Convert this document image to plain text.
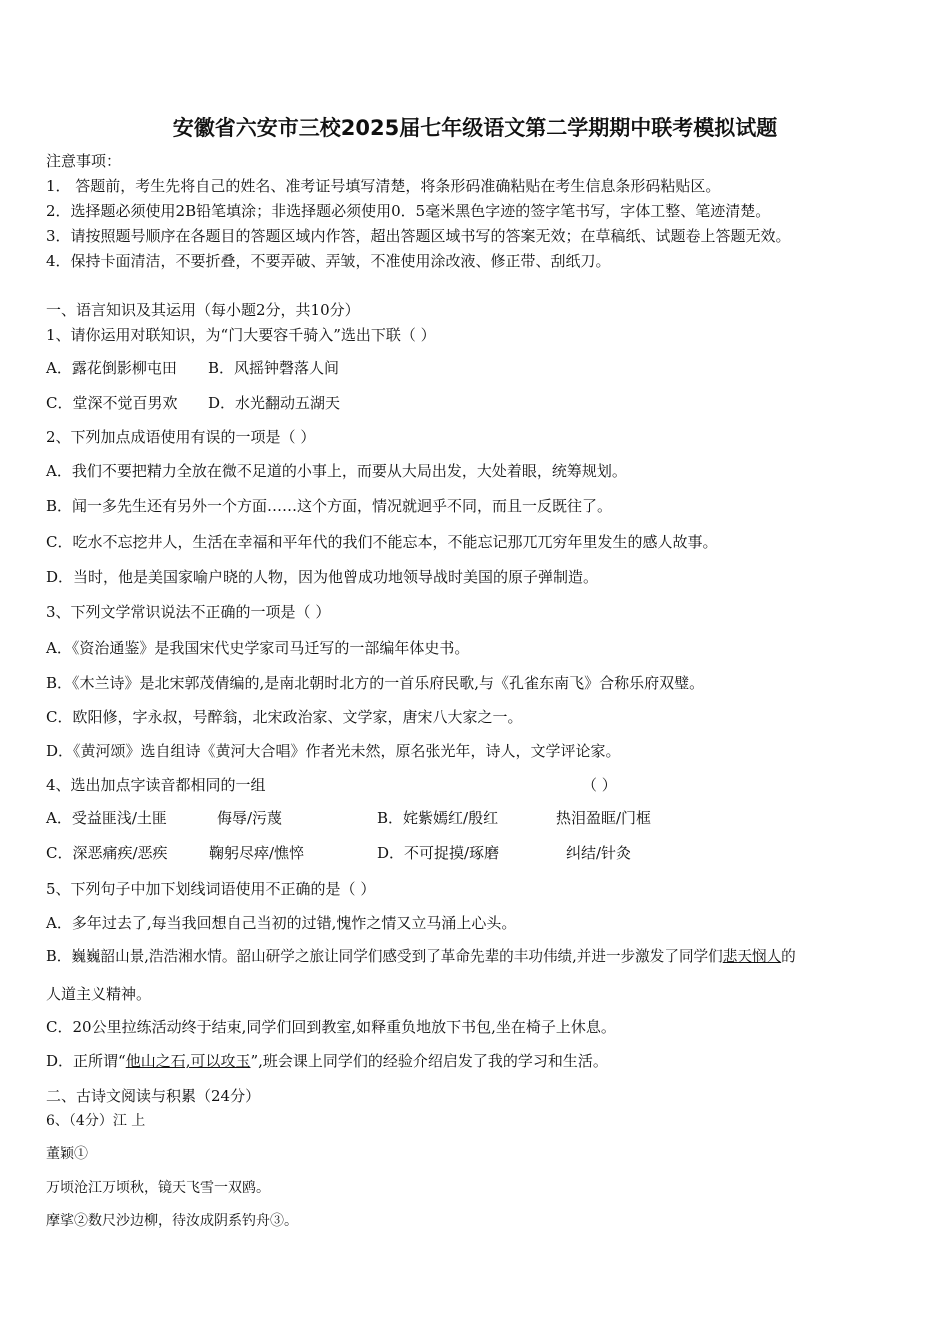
安徽省六安市三校2025届七年级语文第二学期期中联考模拟试题
注意事项：
1． 答题前，考生先将自己的姓名、准考证号填写清楚，将条形码准确粘贴在考生信息条形码粘贴区。
2．选择题必须使用2B铅笔填涂；非选择题必须使用0．5毫米黑色字迹的签字笔书写，字体工整、笔迹清楚。
3．请按照题号顺序在各题目的答题区域内作答，超出答题区域书写的答案无效；在草稿纸、试题卷上答题无效。
4．保持卡面清洁，不要折叠，不要弄破、弄皱，不准使用涂改液、修正带、刮纸刀。
一、语言知识及其运用（每小题2分，共10分）
1、请你运用对联知识，为“门大要容千骑入”选出下联（ ）
A．露花倒影柳屯田 B．风摇钟磬落人间
C．堂深不觉百男欢 D．水光翻动五湖天
2、下列加点成语使用有误的一项是（ ）
A．我们不要把精力全放在微不足道的小事上，而要从大局出发，大处着眼，统筹规划。
B．闻一多先生还有另外一个方面……这个方面，情况就迥乎不同，而且一反既往了。
C．吃水不忘挖井人，生活在幸福和平年代的我们不能忘本，不能忘记那兀兀穷年里发生的感人故事。
D．当时，他是美国家喻户晓的人物，因为他曾成功地领导战时美国的原子弹制造。
3、下列文学常识说法不正确的一项是（ ）
A．《资治通鉴》是我国宋代史学家司马迁写的一部编年体史书。
B．《木兰诗》是北宋郭茂倩编的,是南北朝时北方的一首乐府民歌,与《孔雀东南飞》合称乐府双璧。
C．欧阳修，字永叔，号醉翁，北宋政治家、文学家，唐宋八大家之一。
D．《黄河颂》选自组诗《黄河大合唱》作者光未然，原名张光年，诗人，文学评论家。
4、选出加点字读音都相同的一组	（ ）
A．受益匪浅/土匪	侮辱/污蔑	B．姹紫嫣红/殷红	热泪盈眶/门框
C．深恶痛疾/恶疾	鞠躬尽瘁/憔悴	D．不可捉摸/琢磨	纠结/针灸
5、下列句子中加下划线词语使用不正确的是（ ）
A．多年过去了,每当我回想自己当初的过错,愧怍之情又立马涌上心头。
B．巍巍韶山景,浩浩湘水情。韶山研学之旅让同学们感受到了革命先辈的丰功伟绩,并进一步激发了同学们悲天悯人的
人道主义精神。
C．20公里拉练活动终于结束,同学们回到教室,如释重负地放下书包,坐在椅子上休息。
D．正所谓“他山之石,可以攻玉”,班会课上同学们的经验介绍启发了我的学习和生活。
二、古诗文阅读与积累（24分）
6、（4分）江 上
董颖①
万顷沧江万顷秋，镜天飞雪一双鸥。
摩挲②数尺沙边柳，待汝成阴系钓舟③。
